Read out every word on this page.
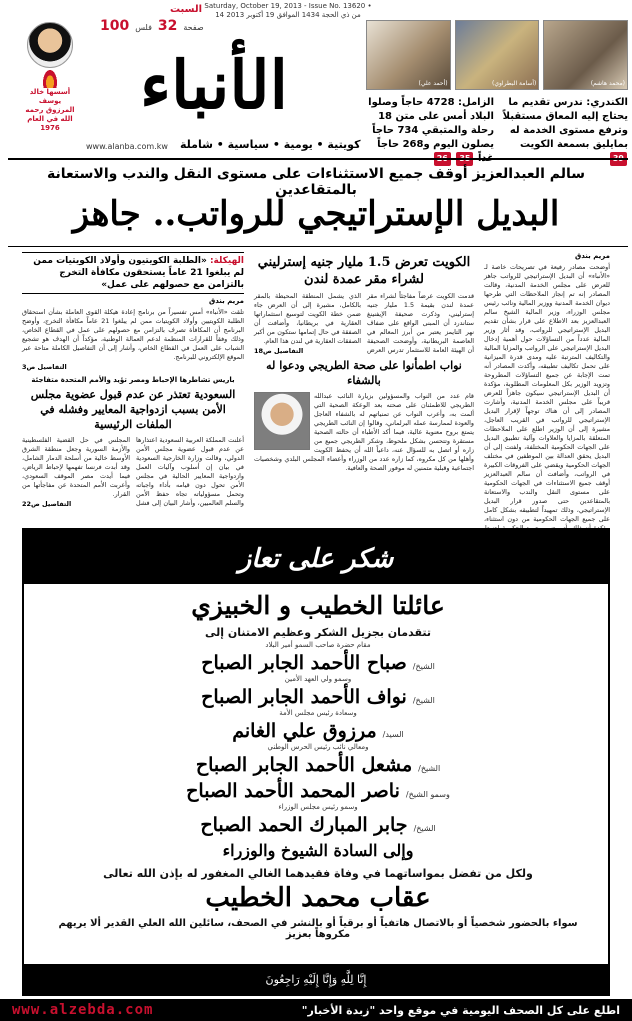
السبت Saturday, October 19, 2013 - Issue No. 13620 • 14 من ذي الحجة 1434 الموافق 19 أكتوبر 2013
100 فلس 32 صفحة
أسسها خالد يوسف المرزوق رحمه الله في العام 1976
الأنباء
كويتية • يومية • سياسية • شاملة
www.alanba.com.kw
(محمد هاشم)
(أسامة البطراوي)
(أحمد علي)
الكندري: ندرس تقديم ما يحتاج إليه المعاق مستقبلاً وترفع مستوى الخدمة له بمايليق بسمعة الكويت
الزامل: 4728 حاجاً وصلوا البلاد أمس على متن 18 رحلة والمتبقي 734 حاجاً يصلون اليوم و268 حاجاً
سالم العبدالعزيز أوقف جميع الاستثناءات على مستوى النقل والندب والاستعانة بالمتقاعدين
البديل الإستراتيجي للرواتب.. جاهز
مريم بندق

أوضحت مصادر رفيعة في تصريحات خاصة لـ «الأنباء» أن البديل الإستراتيجي للرواتب جاهز للعرض على مجلس الخدمة المدنية، وقالت المصادر إنه تم إنجاز الملاحظات التي طرحها ديوان الخدمة المدنية ووزير المالية ونائب رئيس مجلس الوزراء، وزير المالية الشيخ سالم العبدالعزيز بعد الاطلاع على قرار بشأن تقديم البديل الإستراتيجي للرواتب، وقد أثار وزير المالية عدداً من التساؤلات حول أهمية إدخال البديل الإستراتيجي على الرواتب والمزايا المالية والتكاليف المترتبة عليه ومدى قدرة الميزانية على تحمل تكاليف تطبيقه، وأكدت المصادر أنه تمت الإجابة عن جميع التساؤلات المطروحة وتزويد الوزير بكل المعلومات المطلوبة، مؤكدة أن البديل الإستراتيجي سيكون جاهزاً للعرض قريباً على مجلس الخدمة المدنية، وأشارت المصادر إلى أن هناك توجهاً لإقرار البديل الإستراتيجي للرواتب في القريب العاجل، مشيرة إلى أن الوزير اطلع على الملاحظات المتعلقة بالمزايا والعلاوات وآلية تطبيق البديل على الجهات الحكومية المختلفة، ولفتت إلى أن البديل يحقق العدالة بين الموظفين في مختلف الجهات الحكومية ويقضي على الفروقات الكبيرة في الرواتب، وأضافت أن سالم العبدالعزيز أوقف جميع الاستثناءات في الجهات الحكومية على مستوى النقل والندب والاستعانة بالمتقاعدين حتى صدور قرار البديل الإستراتيجي، وذلك تمهيداً لتطبيقه بشكل كامل على جميع الجهات الحكومية من دون استثناء،

الكويت تعرض 1.5 مليار جنيه إسترليني لشراء مقر عمدة لندن

قدمت الكويت عرضاً مفاجئاً لشراء مقر عمدة لندن بقيمة 1.5 مليار جنيه إسترليني، وذكرت صحيفة الإيفنينغ ستاندرد أن المبنى الواقع على ضفاف نهر التايمز يعتبر من أبرز المعالم في العاصمة البريطانية، وأوضحت الصحيفة أن الهيئة العامة للاستثمار تدرس العرض الذي يشمل المنطقة المحيطة بالمقر بالكامل، مشيرة إلى أن العرض جاء ضمن خطة الكويت لتوسيع استثماراتها العقارية في بريطانيا، وأضافت أن الصفقة في حال إتمامها ستكون من أكبر الصفقات العقارية في لندن هذا العام.

التفاصيل ص18
نواب اطمأنوا على صحة الطريجي ودعوا له بالشفاء

قام عدد من النواب والمسؤولين بزيارة النائب عبدالله الطريجي للاطمئنان على صحته بعد الوعكة الصحية التي ألمت به، وأعرب النواب عن تمنياتهم له بالشفاء العاجل والعودة لممارسة عمله البرلماني، وقالوا إن النائب الطريجي يتمتع بروح معنوية عالية، فيما أكد الأطباء أن حالته الصحية مستقرة وتتحسن بشكل ملحوظ، وشكر الطريجي جميع من زاره أو اتصل به للسؤال عنه، داعياً الله أن يحفظ الكويت وأهلها من كل مكروه، كما زاره عدد من الوزراء وأعضاء المجلس البلدي وشخصيات اجتماعية وقبلية متمنين له موفور الصحة والعافية.

الهيكلة: «الطلبة الكويتيون وأولاد الكويتيات ممن لم يبلغوا 21 عاماً يستحقون مكافأة التخرج بالتزامن مع حصولهم على عمل»
مريم بندق

تلقت «الأنباء» أمس تفسيراً من برنامج إعادة هيكلة القوى العاملة بشأن استحقاق الطلبة الكويتيين وأولاد الكويتيات ممن لم يبلغوا 21 عاماً مكافأة التخرج، وأوضح البرنامج أن المكافأة تصرف بالتزامن مع حصولهم على عمل في القطاع الخاص، وذلك وفقاً للقرارات المنظمة لدعم العمالة الوطنية، مؤكداً أن الهدف هو تشجيع الشباب على العمل في القطاع الخاص، وأشار إلى أن التفاصيل الكاملة متاحة عبر الموقع الإلكتروني للبرنامج.

التفاصيل ص3
باريس تشاطرها الإحباط ومصر تؤيد والأمم المتحدة متفاجئة
السعودية تعتذر عن عدم قبول عضوية مجلس الأمن بسبب ازدواجية المعايير وفشله في الملفات الرئيسية

أعلنت المملكة العربية السعودية اعتذارها عن عدم قبول عضوية مجلس الأمن الدولي، وقالت وزارة الخارجية السعودية في بيان إن أسلوب وآليات العمل وازدواجية المعايير الحالية في مجلس الأمن تحول دون قيامه بأداء واجباته وتحمل مسؤولياته تجاه حفظ الأمن والسلم العالميين، وأشار البيان إلى فشل المجلس في حل القضية الفلسطينية والأزمة السورية وجعل منطقة الشرق الأوسط خالية من أسلحة الدمار الشامل، وقد أبدت فرنسا تفهمها لإحباط الرياض، فيما أيدت مصر الموقف السعودي، وأعربت الأمم المتحدة عن مفاجأتها من القرار.

التفاصيل ص22
شكر على تعاز
عائلتا الخطيب و الخبيزي
تتقدمان بجزيل الشكر وعظيم الامتنان إلى
مقام حضرة صاحب السمو أمير البلاد
الشيخ/
صباح الأحمد الجابر الصباح
وسمو ولي العهد الأمين
الشيخ/
نواف الأحمد الجابر الصباح
وسعادة رئيس مجلس الأمة
السيد/
مرزوق علي الغانم
ومعالي نائب رئيس الحرس الوطني
الشيخ/
مشعل الأحمد الجابر الصباح
وسمو الشيخ/
ناصر المحمد الأحمد الصباح
وسمو رئيس مجلس الوزراء
الشيخ/
جابر المبارك الحمد الصباح
وإلى السادة الشيوخ والوزراء
ولكل من تفضل بمواساتهما في وفاة فقيدهما الغالي المغفور له بإذن الله تعالى
عقاب محمد الخطيب
سواء بالحضور شخصياً أو بالاتصال هاتفياً أو برقياً أو بالنشر في الصحف، سائلين الله العلي القدير ألا يريهم مكروهاً بعزيز
إِنَّا لِلَّهِ وَإِنَّا إِلَيْهِ رَاجِعُونَ
www.alzebda.com	اطلع على كل الصحف اليومية في موقع واحد "زبدة الأخبار"
